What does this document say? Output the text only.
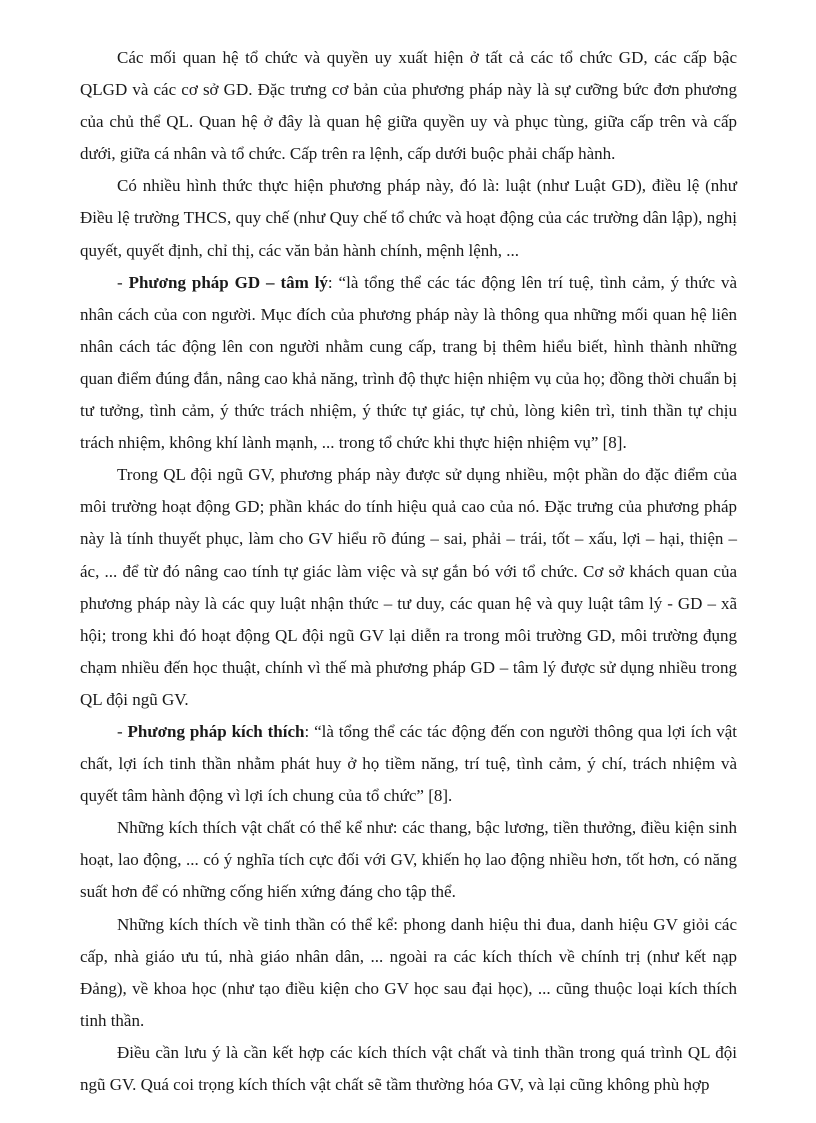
Các mối quan hệ tổ chức và quyền uy xuất hiện ở tất cả các tổ chức GD, các cấp bậc QLGD và các cơ sở GD. Đặc trưng cơ bản của phương pháp này là sự cưỡng bức đơn phương của chủ thể QL. Quan hệ ở đây là quan hệ giữa quyền uy và phục tùng, giữa cấp trên và cấp dưới, giữa cá nhân và tổ chức. Cấp trên ra lệnh, cấp dưới buộc phải chấp hành.

Có nhiều hình thức thực hiện phương pháp này, đó là: luật (như Luật GD), điều lệ (như Điều lệ trường THCS, quy chế (như Quy chế tổ chức và hoạt động của các trường dân lập), nghị quyết, quyết định, chỉ thị, các văn bản hành chính, mệnh lệnh, ...

- Phương pháp GD – tâm lý: “là tổng thể các tác động lên trí tuệ, tình cảm, ý thức và nhân cách của con người. Mục đích của phương pháp này là thông qua những mối quan hệ liên nhân cách tác động lên con người nhằm cung cấp, trang bị thêm hiểu biết, hình thành những quan điểm đúng đắn, nâng cao khả năng, trình độ thực hiện nhiệm vụ của họ; đồng thời chuẩn bị tư tưởng, tình cảm, ý thức trách nhiệm, ý thức tự giác, tự chủ, lòng kiên trì, tinh thần tự chịu trách nhiệm, không khí lành mạnh, ... trong tổ chức khi thực hiện nhiệm vụ” [8].

Trong QL đội ngũ GV, phương pháp này được sử dụng nhiều, một phần do đặc điểm của môi trường hoạt động GD; phần khác do tính hiệu quả cao của nó. Đặc trưng của phương pháp này là tính thuyết phục, làm cho GV hiểu rõ đúng – sai, phải – trái, tốt – xấu, lợi – hại, thiện – ác, ... để từ đó nâng cao tính tự giác làm việc và sự gắn bó với tổ chức. Cơ sở khách quan của phương pháp này là các quy luật nhận thức – tư duy, các quan hệ và quy luật tâm lý - GD – xã hội; trong khi đó hoạt động QL đội ngũ GV lại diễn ra trong môi trường GD, môi trường đụng chạm nhiều đến học thuật, chính vì thế mà phương pháp GD – tâm lý được sử dụng nhiều trong QL đội ngũ GV.

- Phương pháp kích thích: “là tổng thể các tác động đến con người thông qua lợi ích vật chất, lợi ích tinh thần nhằm phát huy ở họ tiềm năng, trí tuệ, tình cảm, ý chí, trách nhiệm và quyết tâm hành động vì lợi ích chung của tổ chức” [8].

Những kích thích vật chất có thể kể như: các thang, bậc lương, tiền thưởng, điều kiện sinh hoạt, lao động, ... có ý nghĩa tích cực đối với GV, khiến họ lao động nhiều hơn, tốt hơn, có năng suất hơn để có những cống hiến xứng đáng cho tập thể.

Những kích thích về tinh thần có thể kể: phong danh hiệu thi đua, danh hiệu GV giỏi các cấp, nhà giáo ưu tú, nhà giáo nhân dân, ... ngoài ra các kích thích về chính trị (như kết nạp Đảng), về khoa học (như tạo điều kiện cho GV học sau đại học), ... cũng thuộc loại kích thích tinh thần.

Điều cần lưu ý là cần kết hợp các kích thích vật chất và tinh thần trong quá trình QL đội ngũ GV. Quá coi trọng kích thích vật chất sẽ tầm thường hóa GV, và lại cũng không phù hợp
